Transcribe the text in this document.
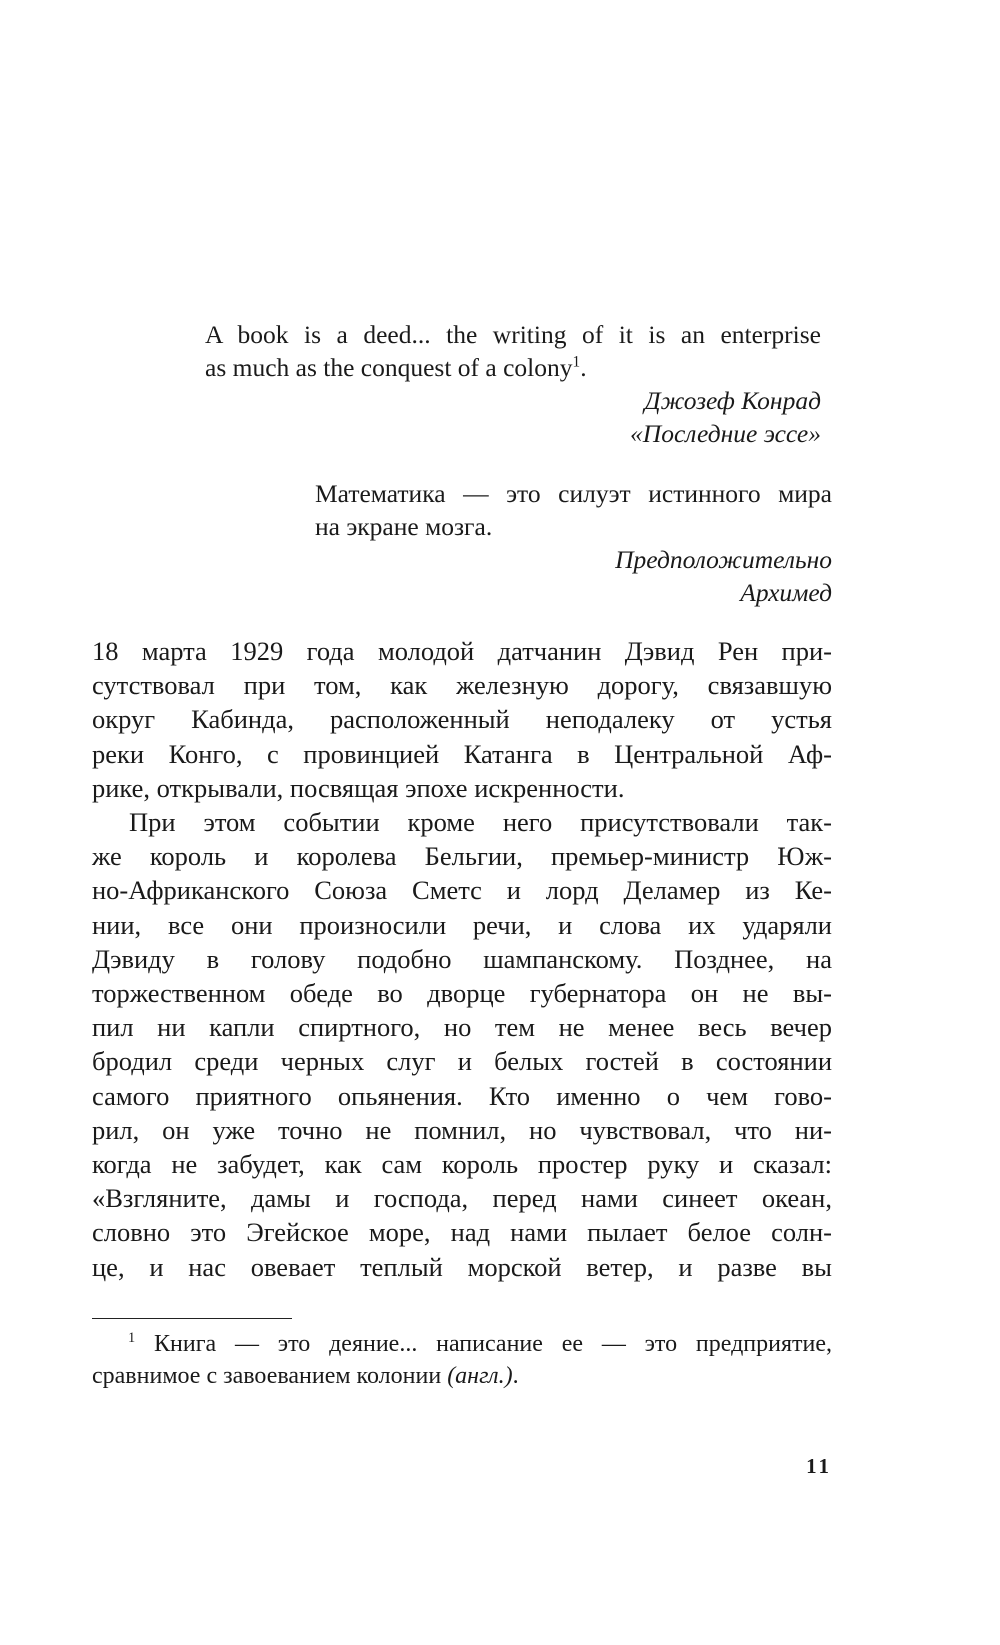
A book is a deed... the writing of it is an enterprise
as much as the conquest of a colony$^1$.
Джозеф Конрад
«Последние эссе»
Математика — это силуэт истинного мира
на экране мозга.
Предположительно
Архимед
18 марта 1929 года молодой датчанин Дэвид Рен при-
сутствовал при том, как железную дорогу, связавшую
округ Кабинда, расположенный неподалеку от устья
реки Конго, с провинцией Катанга в Центральной Аф-
рике, открывали, посвящая эпохе искренности.
При этом событии кроме него присутствовали так-
же король и королева Бельгии, премьер-министр Юж-
но-Африканского Союза Сметс и лорд Деламер из Ке-
нии, все они произносили речи, и слова их ударяли
Дэвиду в голову подобно шампанскому. Позднее, на
торжественном обеде во дворце губернатора он не вы-
пил ни капли спиртного, но тем не менее весь вечер
бродил среди черных слуг и белых гостей в состоянии
самого приятного опьянения. Кто именно о чем гово-
рил, он уже точно не помнил, но чувствовал, что ни-
когда не забудет, как сам король простер руку и сказал:
«Взгляните, дамы и господа, перед нами синеет океан,
словно это Эгейское море, над нами пылает белое солн-
це, и нас овевает теплый морской ветер, и разве вы
$^1$ Книга — это деяние... написание ее — это предприятие,
сравнимое с завоеванием колонии (англ.).
11
